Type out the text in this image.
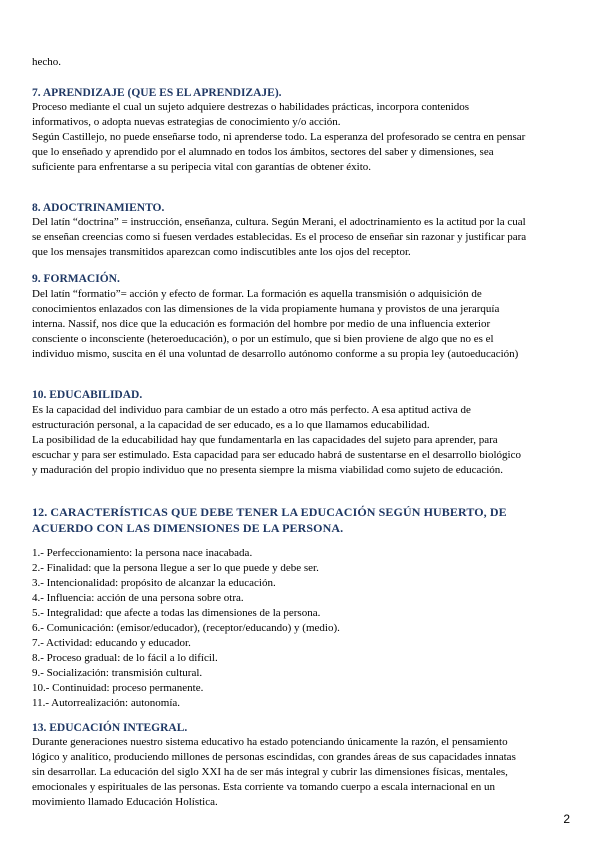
hecho.

7. APRENDIZAJE (QUE ES EL APRENDIZAJE).

Proceso mediante el cual un sujeto adquiere destrezas o habilidades prácticas, incorpora contenidos informativos, o adopta nuevas estrategias de conocimiento y/o acción.

Según Castillejo, no puede enseñarse todo, ni aprenderse todo. La esperanza del profesorado se centra en pensar que lo enseñado y aprendido por el alumnado en todos los ámbitos, sectores del saber y dimensiones, sea suficiente para enfrentarse a su peripecia vital con garantías de obtener éxito.

8. ADOCTRINAMIENTO.

Del latín “doctrina” = instrucción, enseñanza, cultura. Según Merani, el adoctrinamiento es la actitud por la cual se enseñan creencias como si fuesen verdades establecidas. Es el proceso de enseñar sin razonar y justificar para que los mensajes transmitidos aparezcan como indiscutibles ante los ojos del receptor.

9. FORMACIÓN.

Del latín “formatio”= acción y efecto de formar. La formación es aquella transmisión o adquisición de conocimientos enlazados con las dimensiones de la vida propiamente humana y provistos de una jerarquía interna. Nassif, nos dice que la educación es formación del hombre por medio de una influencia exterior consciente o inconsciente (heteroeducación), o por un estímulo, que si bien proviene de algo que no es el individuo mismo, suscita en él una voluntad de desarrollo autónomo conforme a su propia ley (autoeducación)

10. EDUCABILIDAD.

Es la capacidad del individuo para cambiar de un estado a otro más perfecto. A esa aptitud activa de estructuración personal, a la capacidad de ser educado, es a lo que llamamos educabilidad.

La posibilidad de la educabilidad hay que fundamentarla en las capacidades del sujeto para aprender, para escuchar y para ser estimulado. Esta capacidad para ser educado habrá de sustentarse en el desarrollo biológico y maduración del propio individuo que no presenta siempre la misma viabilidad como sujeto de educación.

12. CARACTERÍSTICAS QUE DEBE TENER LA EDUCACIÓN SEGÚN HUBERTO, DE ACUERDO CON LAS DIMENSIONES DE LA PERSONA.
1.- Perfeccionamiento: la persona nace inacabada.
2.- Finalidad: que la persona llegue a ser lo que puede y debe ser.
3.- Intencionalidad: propósito de alcanzar la educación.
4.- Influencia: acción de una persona sobre otra.
5.- Integralidad: que afecte a todas las dimensiones de la persona.
6.- Comunicación: (emisor/educador), (receptor/educando) y (medio).
7.- Actividad: educando y educador.
8.- Proceso gradual: de lo fácil a lo difícil.
9.- Socialización: transmisión cultural.
10.- Continuidad: proceso permanente.
11.- Autorrealización: autonomía.
13. EDUCACIÓN INTEGRAL.

Durante generaciones nuestro sistema educativo ha estado potenciando únicamente la razón, el pensamiento lógico y analítico, produciendo millones de personas escindidas, con grandes áreas de sus capacidades innatas sin desarrollar. La educación del siglo XXI ha de ser más integral y cubrir las dimensiones físicas, mentales, emocionales y espirituales de las personas. Esta corriente va tomando cuerpo a escala internacional en un movimiento llamado Educación Holística.

2
